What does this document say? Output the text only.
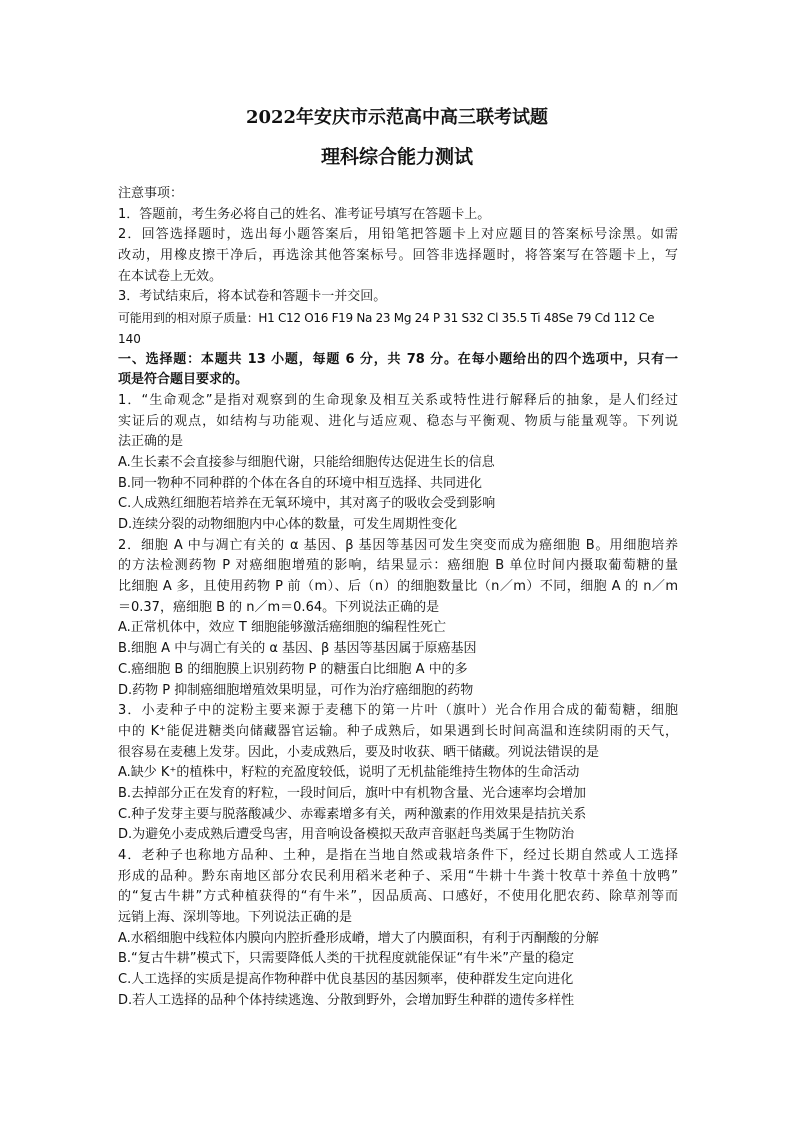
2022年安庆市示范高中高三联考试题
理科综合能力测试
注意事项：
1．答题前，考生务必将自己的姓名、准考证号填写在答题卡上。
2．回答选择题时，选出每小题答案后，用铅笔把答题卡上对应题目的答案标号涂黑。如需
改动，用橡皮擦干净后，再选涂其他答案标号。回答非选择题时，将答案写在答题卡上，写
在本试卷上无效。
3．考试结束后，将本试卷和答题卡一并交回。
可能用到的相对原子质量：H1 C12 O16 F19 Na 23 Mg 24 P 31 S32 Cl 35.5 Ti 48Se 79 Cd 112 Ce
140
一、选择题：本题共 13 小题，每题 6 分，共 78 分。在每小题给出的四个选项中，只有一
项是符合题目要求的。
1．“生命观念”是指对观察到的生命现象及相互关系或特性进行解释后的抽象，是人们经过
实证后的观点，如结构与功能观、进化与适应观、稳态与平衡观、物质与能量观等。下列说
法正确的是
A.生长素不会直接参与细胞代谢，只能给细胞传达促进生长的信息
B.同一物种不同种群的个体在各自的环境中相互选择、共同进化
C.人成熟红细胞若培养在无氧环境中，其对离子的吸收会受到影响
D.连续分裂的动物细胞内中心体的数量，可发生周期性变化
2．细胞 A 中与凋亡有关的 α 基因、β 基因等基因可发生突变而成为癌细胞 B。用细胞培养
的方法检测药物 P 对癌细胞增殖的影响，结果显示：癌细胞 B 单位时间内摄取葡萄糖的量
比细胞 A 多，且使用药物 P 前（m）、后（n）的细胞数量比（n／m）不同，细胞 A 的 n／m
＝0.37，癌细胞 B 的 n／m＝0.64。下列说法正确的是
A.正常机体中，效应 T 细胞能够激活癌细胞的编程性死亡
B.细胞 A 中与凋亡有关的 α 基因、β 基因等基因属于原癌基因
C.癌细胞 B 的细胞膜上识别药物 P 的糖蛋白比细胞 A 中的多
D.药物 P 抑制癌细胞增殖效果明显，可作为治疗癌细胞的药物
3．小麦种子中的淀粉主要来源于麦穗下的第一片叶（旗叶）光合作用合成的葡萄糖，细胞
中的 K⁺能促进糖类向储藏器官运输。种子成熟后，如果遇到长时间高温和连续阴雨的天气，
很容易在麦穗上发芽。因此，小麦成熟后，要及时收获、晒干储藏。列说法错误的是
A.缺少 K⁺的植株中，籽粒的充盈度较低，说明了无机盐能维持生物体的生命活动
B.去掉部分正在发育的籽粒，一段时间后，旗叶中有机物含量、光合速率均会增加
C.种子发芽主要与脱落酸减少、赤霉素增多有关，两种激素的作用效果是拮抗关系
D.为避免小麦成熟后遭受鸟害，用音响设备模拟天敌声音驱赶鸟类属于生物防治
4．老种子也称地方品种、土种，是指在当地自然或栽培条件下，经过长期自然或人工选择
形成的品种。黔东南地区部分农民利用稻米老种子、采用“牛耕十牛粪十牧草十养鱼十放鸭”
的“复古牛耕”方式种植获得的“有牛米”，因品质高、口感好，不使用化肥农药、除草剂等而
远销上海、深圳等地。下列说法正确的是
A.水稻细胞中线粒体内膜向内腔折叠形成嵴，增大了内膜面积，有利于丙酮酸的分解
B.“复古牛耕”模式下，只需要降低人类的干扰程度就能保证“有牛米”产量的稳定
C.人工选择的实质是提高作物种群中优良基因的基因频率，使种群发生定向进化
D.若人工选择的品种个体持续逃逸、分散到野外，会增加野生种群的遗传多样性
